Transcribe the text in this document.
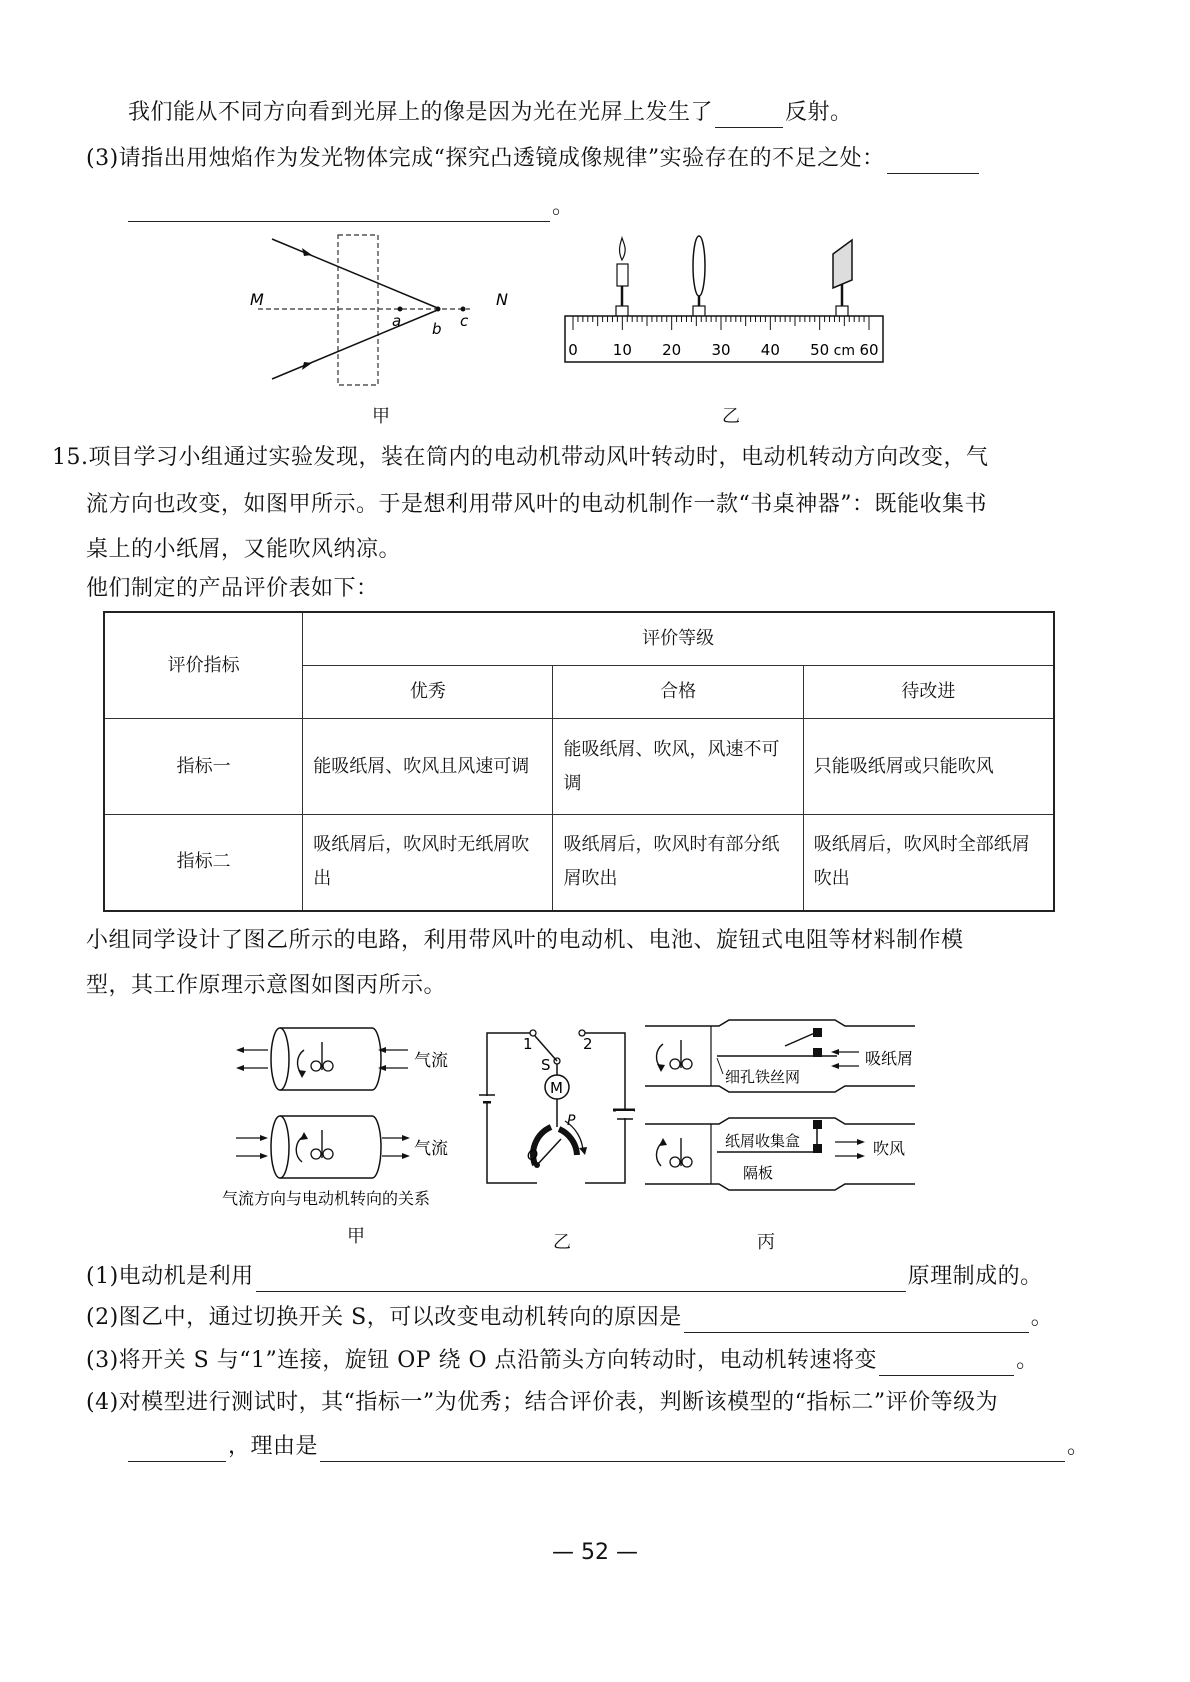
我们能从不同方向看到光屏上的像是因为光在光屏上发生了	反射。
(3)请指出用烛焰作为发光物体完成“探究凸透镜成像规律”实验存在的不足之处：
。
M	N
a b c
甲
0 10 20 30 40 50 60
cm
乙
15.项目学习小组通过实验发现，装在筒内的电动机带动风叶转动时，电动机转动方向改变，气
流方向也改变，如图甲所示。于是想利用带风叶的电动机制作一款“书桌神器”：既能收集书
桌上的小纸屑，又能吹风纳凉。
他们制定的产品评价表如下：
评价指标	评价等级		
	优秀	合格	待改进
指标一	能吸纸屑、吹风且风速可调	能吸纸屑、吹风，风速不可调	只能吸纸屑或只能吹风
指标二	吸纸屑后，吹风时无纸屑吹出	吸纸屑后，吹风时有部分纸屑吹出	吸纸屑后，吹风时全部纸屑吹出
小组同学设计了图乙所示的电路，利用带风叶的电动机、电池、旋钮式电阻等材料制作模
型，其工作原理示意图如图丙所示。
气流
气流
气流方向与电动机转向的关系
甲
1	2
S
M
P
O
乙
吸纸屑
细孔铁丝网
纸屑收集盒	吹风
隔板
丙
(1)电动机是利用	原理制成的。
(2)图乙中，通过切换开关 S，可以改变电动机转向的原因是	。
(3)将开关 S 与“1”连接，旋钮 OP 绕 O 点沿箭头方向转动时，电动机转速将变	。
(4)对模型进行测试时，其“指标一”为优秀；结合评价表，判断该模型的“指标二”评价等级为
，理由是	。
— 52 —
